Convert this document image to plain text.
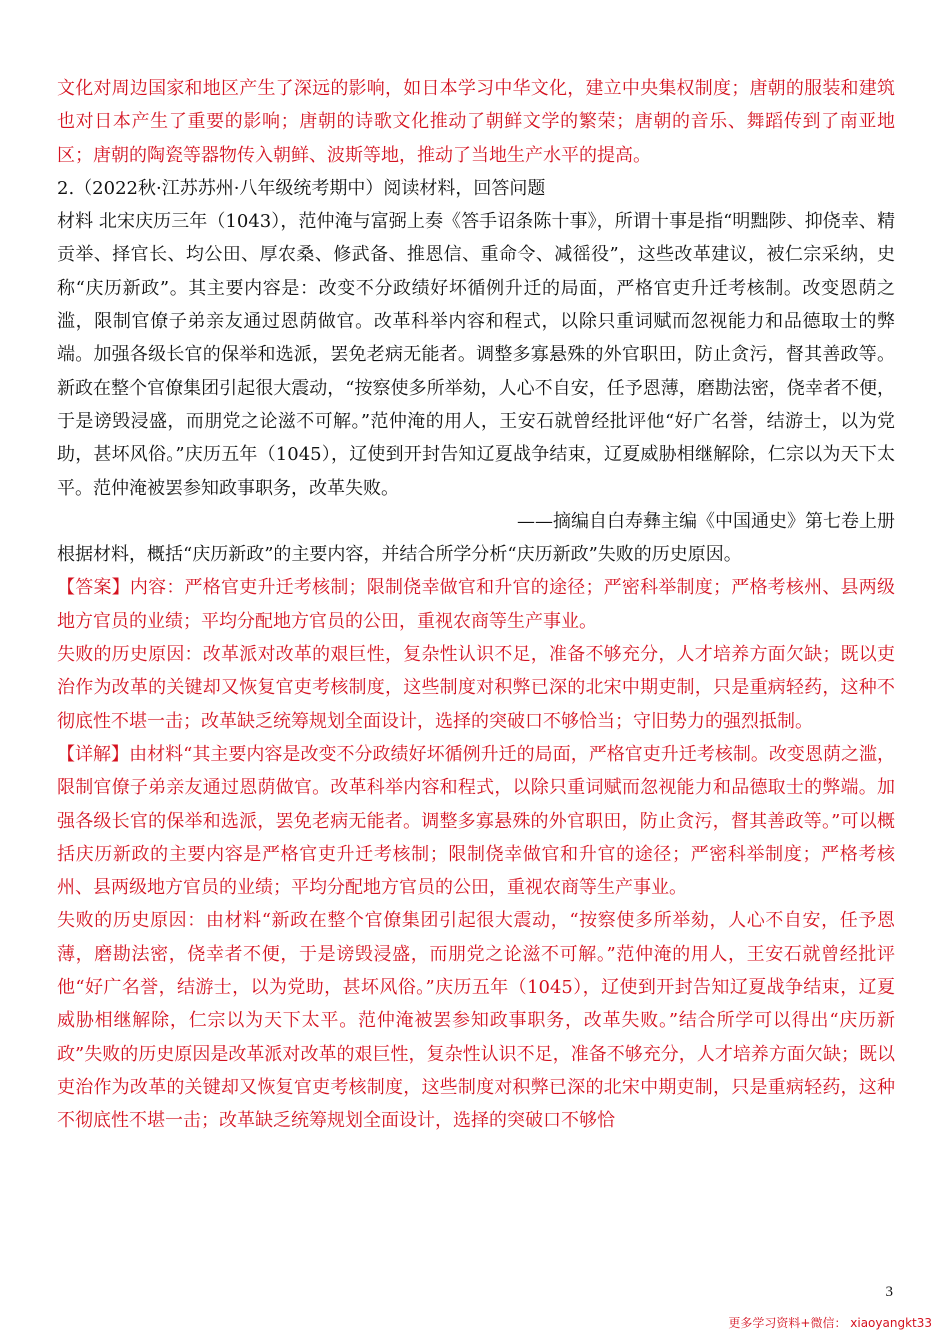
文化对周边国家和地区产生了深远的影响，如日本学习中华文化，建立中央集权制度；唐朝的服装和建筑也对日本产生了重要的影响；唐朝的诗歌文化推动了朝鲜文学的繁荣；唐朝的音乐、舞蹈传到了南亚地区；唐朝的陶瓷等器物传入朝鲜、波斯等地，推动了当地生产水平的提高。

2.（2022秋·江苏苏州·八年级统考期中）阅读材料，回答问题

材料 北宋庆历三年（1043），范仲淹与富弼上奏《答手诏条陈十事》，所谓十事是指“明黜陟、抑侥幸、精贡举、择官长、均公田、厚农桑、修武备、推恩信、重命令、减徭役”，这些改革建议，被仁宗采纳，史称“庆历新政”。其主要内容是：改变不分政绩好坏循例升迁的局面，严格官吏升迁考核制。改变恩荫之滥，限制官僚子弟亲友通过恩荫做官。改革科举内容和程式，以除只重词赋而忽视能力和品德取士的弊端。加强各级长官的保举和选派，罢免老病无能者。调整多寡悬殊的外官职田，防止贪污，督其善政等。新政在整个官僚集团引起很大震动，“按察使多所举劾，人心不自安，任予恩薄，磨勘法密，侥幸者不便，于是谤毁浸盛，而朋党之论滋不可解。”范仲淹的用人，王安石就曾经批评他“好广名誉，结游士，以为党助，甚坏风俗。”庆历五年（1045），辽使到开封告知辽夏战争结束，辽夏威胁相继解除，仁宗以为天下太平。范仲淹被罢参知政事职务，改革失败。

——摘编自白寿彝主编《中国通史》第七卷上册

根据材料，概括“庆历新政”的主要内容，并结合所学分析“庆历新政”失败的历史原因。

【答案】内容：严格官吏升迁考核制；限制侥幸做官和升官的途径；严密科举制度；严格考核州、县两级地方官员的业绩；平均分配地方官员的公田，重视农商等生产事业。

失败的历史原因：改革派对改革的艰巨性，复杂性认识不足，准备不够充分，人才培养方面欠缺；既以吏治作为改革的关键却又恢复官吏考核制度，这些制度对积弊已深的北宋中期吏制，只是重病轻药，这种不彻底性不堪一击；改革缺乏统筹规划全面设计，选择的突破口不够恰当；守旧势力的强烈抵制。

【详解】由材料“其主要内容是改变不分政绩好坏循例升迁的局面，严格官吏升迁考核制。改变恩荫之滥，限制官僚子弟亲友通过恩荫做官。改革科举内容和程式，以除只重词赋而忽视能力和品德取士的弊端。加强各级长官的保举和选派，罢免老病无能者。调整多寡悬殊的外官职田，防止贪污，督其善政等。”可以概括庆历新政的主要内容是严格官吏升迁考核制；限制侥幸做官和升官的途径；严密科举制度；严格考核州、县两级地方官员的业绩；平均分配地方官员的公田，重视农商等生产事业。

失败的历史原因：由材料“新政在整个官僚集团引起很大震动，“按察使多所举劾，人心不自安，任予恩薄，磨勘法密，侥幸者不便，于是谤毁浸盛，而朋党之论滋不可解。”范仲淹的用人，王安石就曾经批评他“好广名誉，结游士，以为党助，甚坏风俗。”庆历五年（1045），辽使到开封告知辽夏战争结束，辽夏威胁相继解除，仁宗以为天下太平。范仲淹被罢参知政事职务，改革失败。”结合所学可以得出“庆历新政”失败的历史原因是改革派对改革的艰巨性，复杂性认识不足，准备不够充分，人才培养方面欠缺；既以吏治作为改革的关键却又恢复官吏考核制度，这些制度对积弊已深的北宋中期吏制，只是重病轻药，这种不彻底性不堪一击；改革缺乏统筹规划全面设计，选择的突破口不够恰

3
更多学习资料+微信： xiaoyangkt33
